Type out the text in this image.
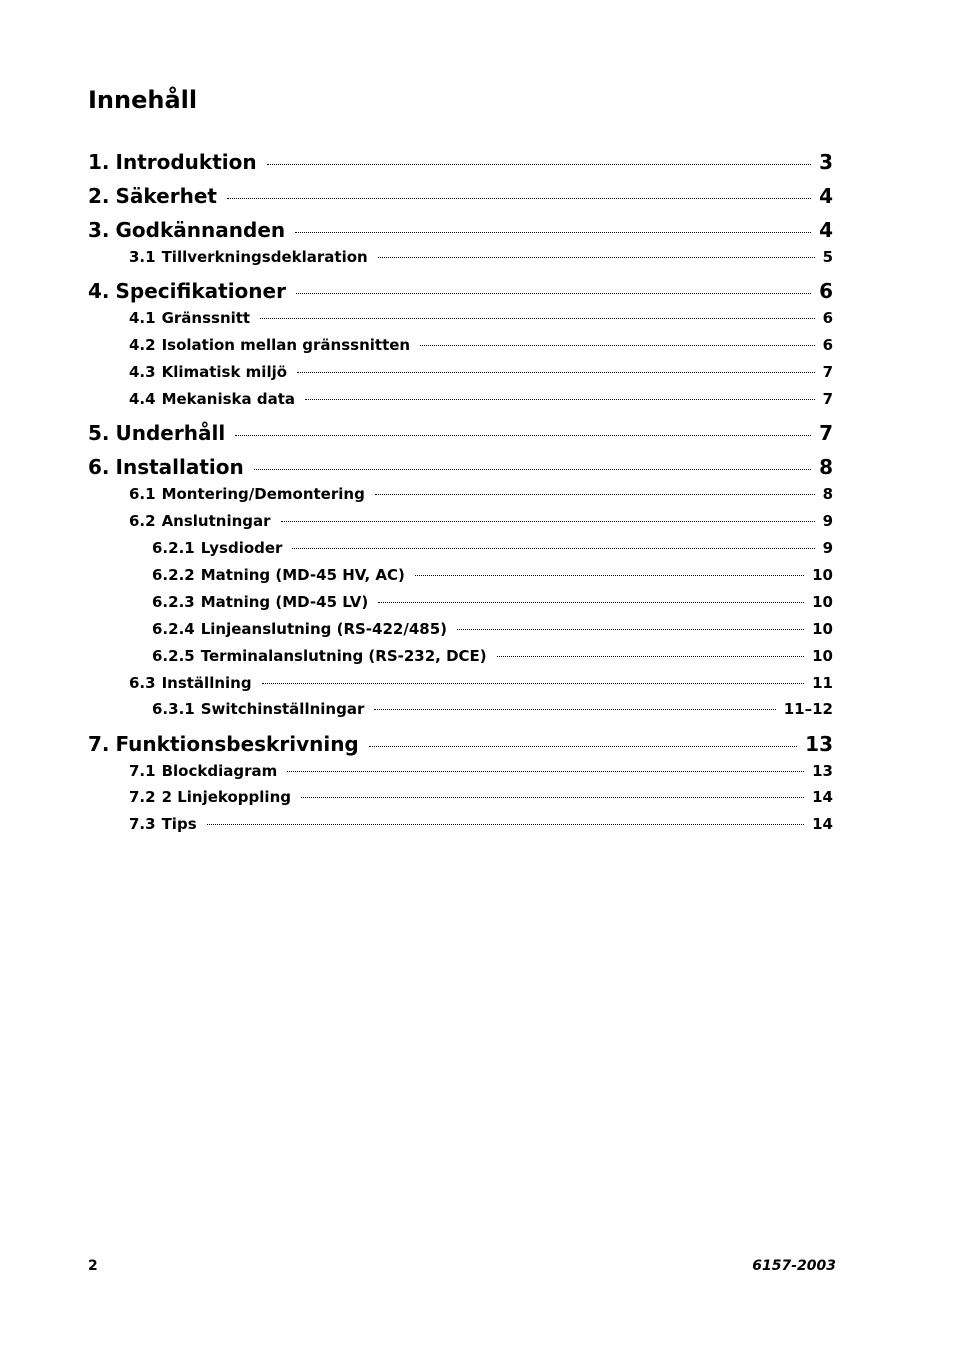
Innehåll
1. Introduktion	3
2. Säkerhet	4
3. Godkännanden	4
3.1 Tillverkningsdeklaration	5
4. Specifikationer	6
4.1 Gränssnitt	6
4.2 Isolation mellan gränssnitten	6
4.3 Klimatisk miljö	7
4.4 Mekaniska data	7
5. Underhåll	7
6. Installation	8
6.1 Montering/Demontering	8
6.2 Anslutningar	9
6.2.1 Lysdioder	9
6.2.2 Matning (MD-45 HV, AC)	10
6.2.3 Matning (MD-45 LV)	10
6.2.4 Linjeanslutning (RS-422/485)	10
6.2.5 Terminalanslutning (RS-232, DCE)	10
6.3 Inställning	11
6.3.1 Switchinställningar	11–12
7. Funktionsbeskrivning	13
7.1 Blockdiagram	13
7.2 2 Linjekoppling	14
7.3 Tips	14
2	6157-2003
